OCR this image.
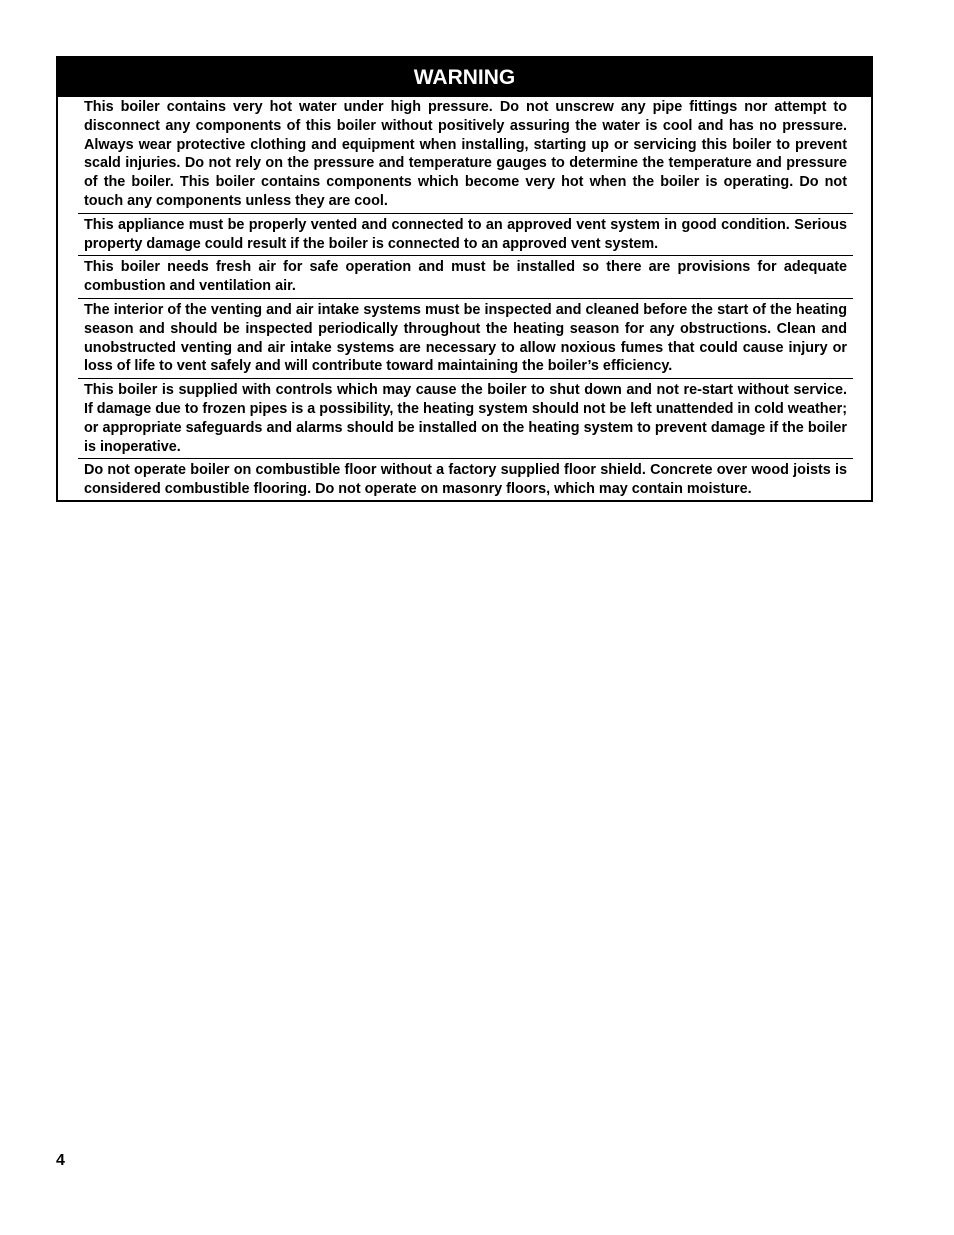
WARNING
This boiler contains very hot water under high pressure. Do not unscrew any pipe fittings nor attempt to disconnect any components of this boiler without positively assuring the water is cool and has no pressure. Always wear protective clothing and equipment when installing, starting up or servicing this boiler to prevent scald injuries. Do not rely on the pressure and temperature gauges to determine the temperature and pressure of the boiler. This boiler contains components which become very hot when the boiler is operating. Do not touch any components unless they are cool.
This appliance must be properly vented and connected to an approved vent system in good condition. Serious property damage could result if the boiler is connected to an approved vent system.
This boiler needs fresh air for safe operation and must be installed so there are provisions for adequate combustion and ventilation air.
The interior of the venting and air intake systems must be inspected and cleaned before the start of the heating season and should be inspected periodically throughout the heating season for any obstructions. Clean and unobstructed venting and air intake systems are necessary to allow noxious fumes that could cause injury or loss of life to vent safely and will contribute toward maintaining the boiler’s efficiency.
This boiler is supplied with controls which may cause the boiler to shut down and not re-start without service. If damage due to frozen pipes is a possibility, the heating system should not be left unattended in cold weather; or appropriate safeguards and alarms should be installed on the heating system to prevent damage if the boiler is inoperative.
Do not operate boiler on combustible floor without a factory supplied floor shield. Concrete over wood joists is considered combustible flooring. Do not operate on masonry floors, which may contain moisture.
4
